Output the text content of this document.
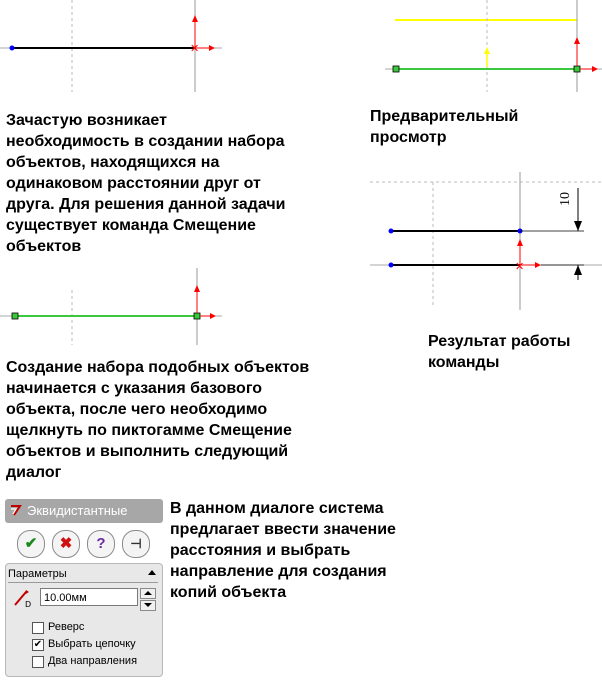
✕
✕
10
Зачастую возникает
необходимость в создании набора
объектов, находящихся на
одинаковом расстоянии друг от
друга. Для решения данной задачи
существует команда Смещение
объектов
Предварительный
просмотр
Результат работы
команды
Создание набора подобных объектов
начинается с указания базового
объекта, после чего необходимо
щелкнуть по пиктогамме Смещение
объектов и выполнить следующий
диалог
В данном диалоге система
предлагает ввести значение
расстояния и выбрать
направление для создания
копий объекта
Эквидистантные
✔	✖	?	⊣
Параметры
D
10.00мм
Реверс
✔ Выбрать цепочку
Два направления
